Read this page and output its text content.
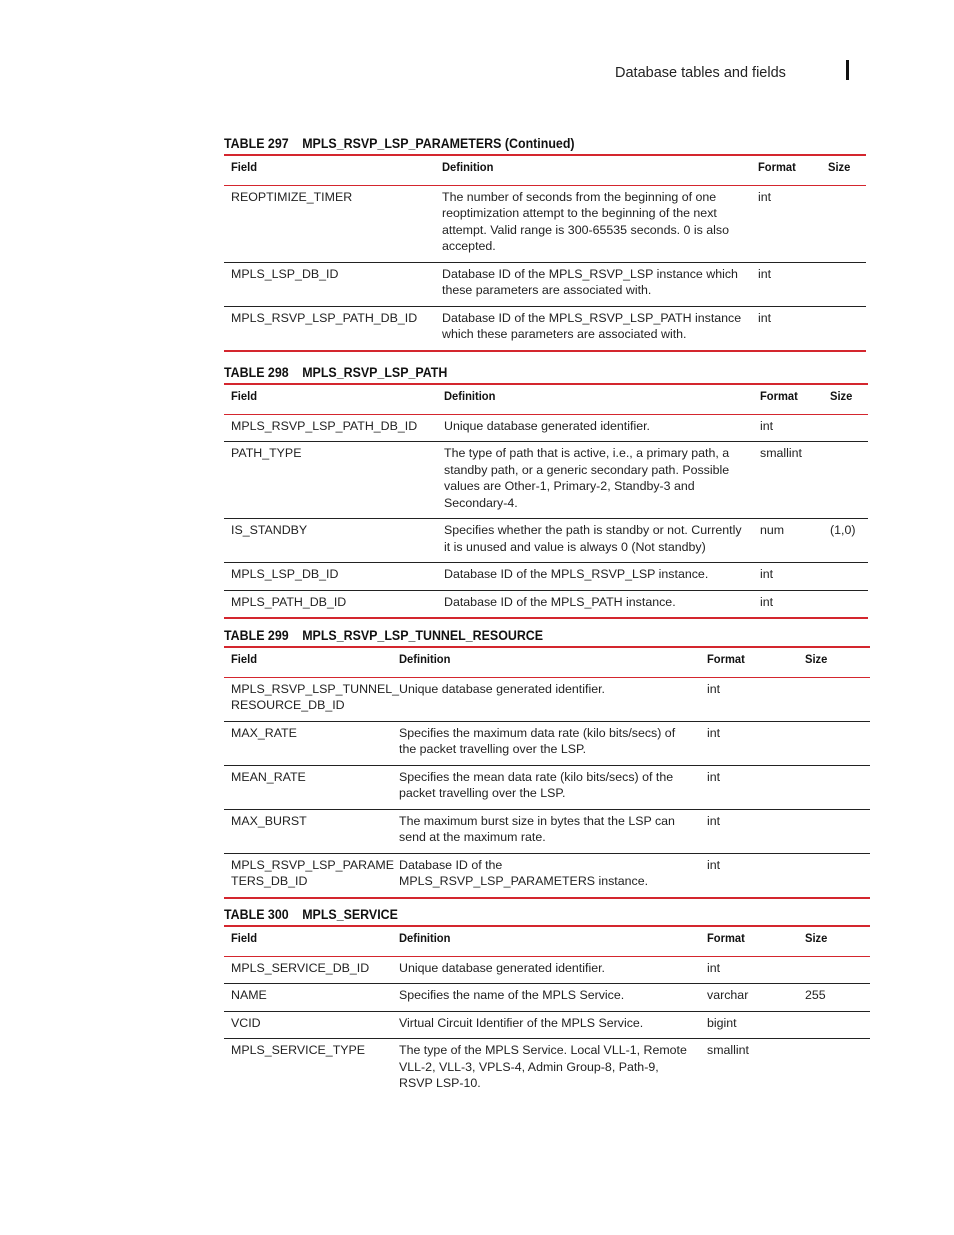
Database tables and fields
TABLE 297 MPLS_RSVP_LSP_PARAMETERS (Continued)
Field	Definition	Format	Size
REOPTIMIZE_TIMER	The number of seconds from the beginning of one reoptimization attempt to the beginning of the next attempt. Valid range is 300-65535 seconds. 0 is also accepted.	int	
MPLS_LSP_DB_ID	Database ID of the MPLS_RSVP_LSP instance which these parameters are associated with.	int	
MPLS_RSVP_LSP_PATH_DB_ID	Database ID of the MPLS_RSVP_LSP_PATH instance which these parameters are associated with.	int	
TABLE 298 MPLS_RSVP_LSP_PATH
Field	Definition	Format	Size
MPLS_RSVP_LSP_PATH_DB_ID	Unique database generated identifier.	int	
PATH_TYPE	The type of path that is active, i.e., a primary path, a standby path, or a generic secondary path. Possible values are Other-1, Primary-2, Standby-3 and Secondary-4.	smallint	
IS_STANDBY	Specifies whether the path is standby or not. Currently it is unused and value is always 0 (Not standby)	num	(1,0)
MPLS_LSP_DB_ID	Database ID of the MPLS_RSVP_LSP instance.	int	
MPLS_PATH_DB_ID	Database ID of the MPLS_PATH instance.	int	
TABLE 299 MPLS_RSVP_LSP_TUNNEL_RESOURCE
Field	Definition	Format	Size
MPLS_RSVP_LSP_TUNNEL_ RESOURCE_DB_ID	Unique database generated identifier.	int	
MAX_RATE	Specifies the maximum data rate (kilo bits/secs) of the packet travelling over the LSP.	int	
MEAN_RATE	Specifies the mean data rate (kilo bits/secs) of the packet travelling over the LSP.	int	
MAX_BURST	The maximum burst size in bytes that the LSP can send at the maximum rate.	int	
MPLS_RSVP_LSP_PARAME TERS_DB_ID	Database ID of the MPLS_RSVP_LSP_PARAMETERS instance.	int	
TABLE 300 MPLS_SERVICE
Field	Definition	Format	Size
MPLS_SERVICE_DB_ID	Unique database generated identifier.	int	
NAME	Specifies the name of the MPLS Service.	varchar	255
VCID	Virtual Circuit Identifier of the MPLS Service.	bigint	
MPLS_SERVICE_TYPE	The type of the MPLS Service. Local VLL-1, Remote VLL-2, VLL-3, VPLS-4, Admin Group-8, Path-9, RSVP LSP-10.	smallint	
